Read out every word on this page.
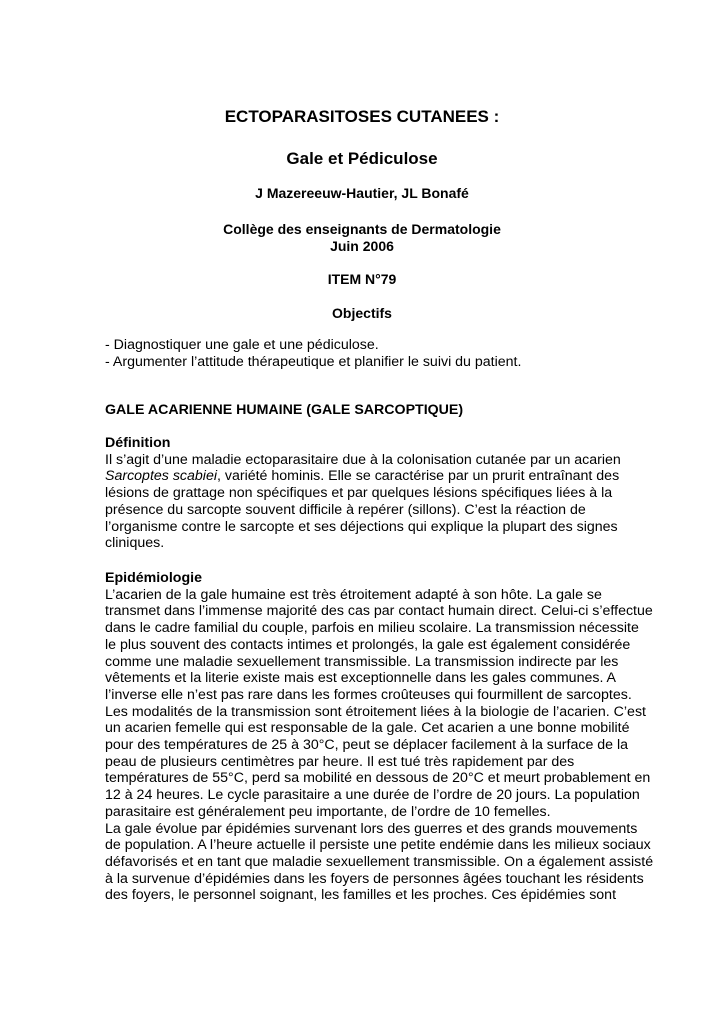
ECTOPARASITOSES CUTANEES :
Gale et Pédiculose
J Mazereeuw-Hautier, JL Bonafé
Collège des enseignants de Dermatologie
Juin 2006
ITEM N°79
Objectifs
- Diagnostiquer une gale et une pédiculose.
- Argumenter l’attitude thérapeutique et planifier le suivi du patient.
GALE ACARIENNE HUMAINE (GALE SARCOPTIQUE)
Définition
Il s’agit d’une maladie ectoparasitaire due à la colonisation cutanée par un acarien
Sarcoptes scabiei, variété hominis. Elle se caractérise par un prurit entraînant des
lésions de grattage non spécifiques et par quelques lésions spécifiques liées à la
présence du sarcopte souvent difficile à repérer (sillons). C’est la réaction de
l’organisme contre le sarcopte et ses déjections qui explique la plupart des signes
cliniques.
Epidémiologie
L’acarien de la gale humaine est très étroitement adapté à son hôte. La gale se
transmet dans l’immense majorité des cas par contact humain direct. Celui-ci s’effectue
dans le cadre familial du couple, parfois en milieu scolaire. La transmission nécessite
le plus souvent des contacts intimes et prolongés, la gale est également considérée
comme une maladie sexuellement transmissible. La transmission indirecte par les
vêtements et la literie existe mais est exceptionnelle dans les gales communes. A
l’inverse elle n’est pas rare dans les formes croûteuses qui fourmillent de sarcoptes.
Les modalités de la transmission sont étroitement liées à la biologie de l’acarien. C’est
un acarien femelle qui est responsable de la gale. Cet acarien a une bonne mobilité
pour des températures de 25 à 30°C, peut se déplacer facilement à la surface de la
peau de plusieurs centimètres par heure. Il est tué très rapidement par des
températures de 55°C, perd sa mobilité en dessous de 20°C et meurt probablement en
12 à 24 heures. Le cycle parasitaire a une durée de l’ordre de 20 jours. La population
parasitaire est généralement peu importante, de l’ordre de 10 femelles.
La gale évolue par épidémies survenant lors des guerres et des grands mouvements
de population. A l’heure actuelle il persiste une petite endémie dans les milieux sociaux
défavorisés et en tant que maladie sexuellement transmissible. On a également assisté
à la survenue d’épidémies dans les foyers de personnes âgées touchant les résidents
des foyers, le personnel soignant, les familles et les proches. Ces épidémies sont
